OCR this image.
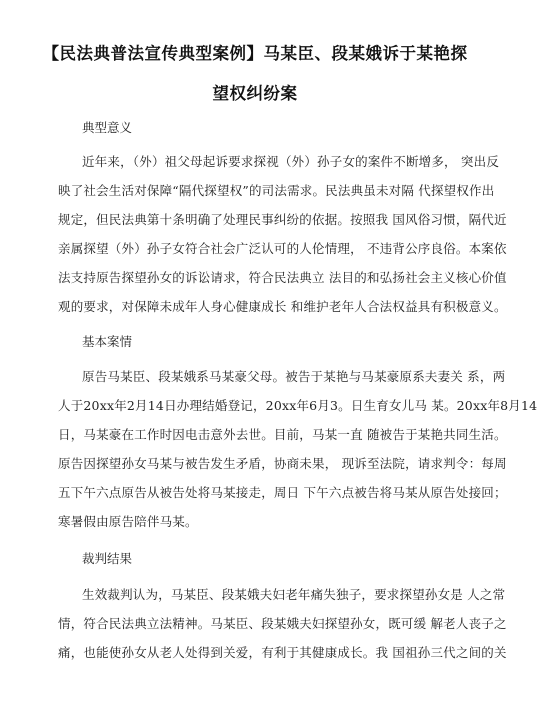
【民法典普法宣传典型案例】马某臣、段某娥诉于某艳探
望权纠纷案
典型意义
近年来，（外）祖父母起诉要求探视（外）孙子女的案件不断增多， 突出反
映了社会生活对保障“隔代探望权”的司法需求。民法典虽未对隔 代探望权作出
规定，但民法典第十条明确了处理民事纠纷的依据。按照我 国风俗习惯，隔代近
亲属探望（外）孙子女符合社会广泛认可的人伦情理， 不违背公序良俗。本案依
法支持原告探望孙女的诉讼请求，符合民法典立 法目的和弘扬社会主义核心价值
观的要求，对保障未成年人身心健康成长 和维护老年人合法权益具有积极意义。
基本案情
原告马某臣、段某娥系马某豪父母。被告于某艳与马某豪原系夫妻关 系，两
人于20xx年2月14日办理结婚登记，20xx年6月3。日生育女儿马 某。20xx年8月14
日，马某豪在工作时因电击意外去世。目前，马某一直 随被告于某艳共同生活。
原告因探望孙女马某与被告发生矛盾，协商未果， 现诉至法院，请求判令：每周
五下午六点原告从被告处将马某接走，周日 下午六点被告将马某从原告处接回；
寒暑假由原告陪伴马某。
裁判结果
生效裁判认为，马某臣、段某娥夫妇老年痛失独子，要求探望孙女是 人之常
情，符合民法典立法精神。马某臣、段某娥夫妇探望孙女，既可缓 解老人丧子之
痛，也能使孙女从老人处得到关爱，有利于其健康成长。我 国祖孙三代之间的关
